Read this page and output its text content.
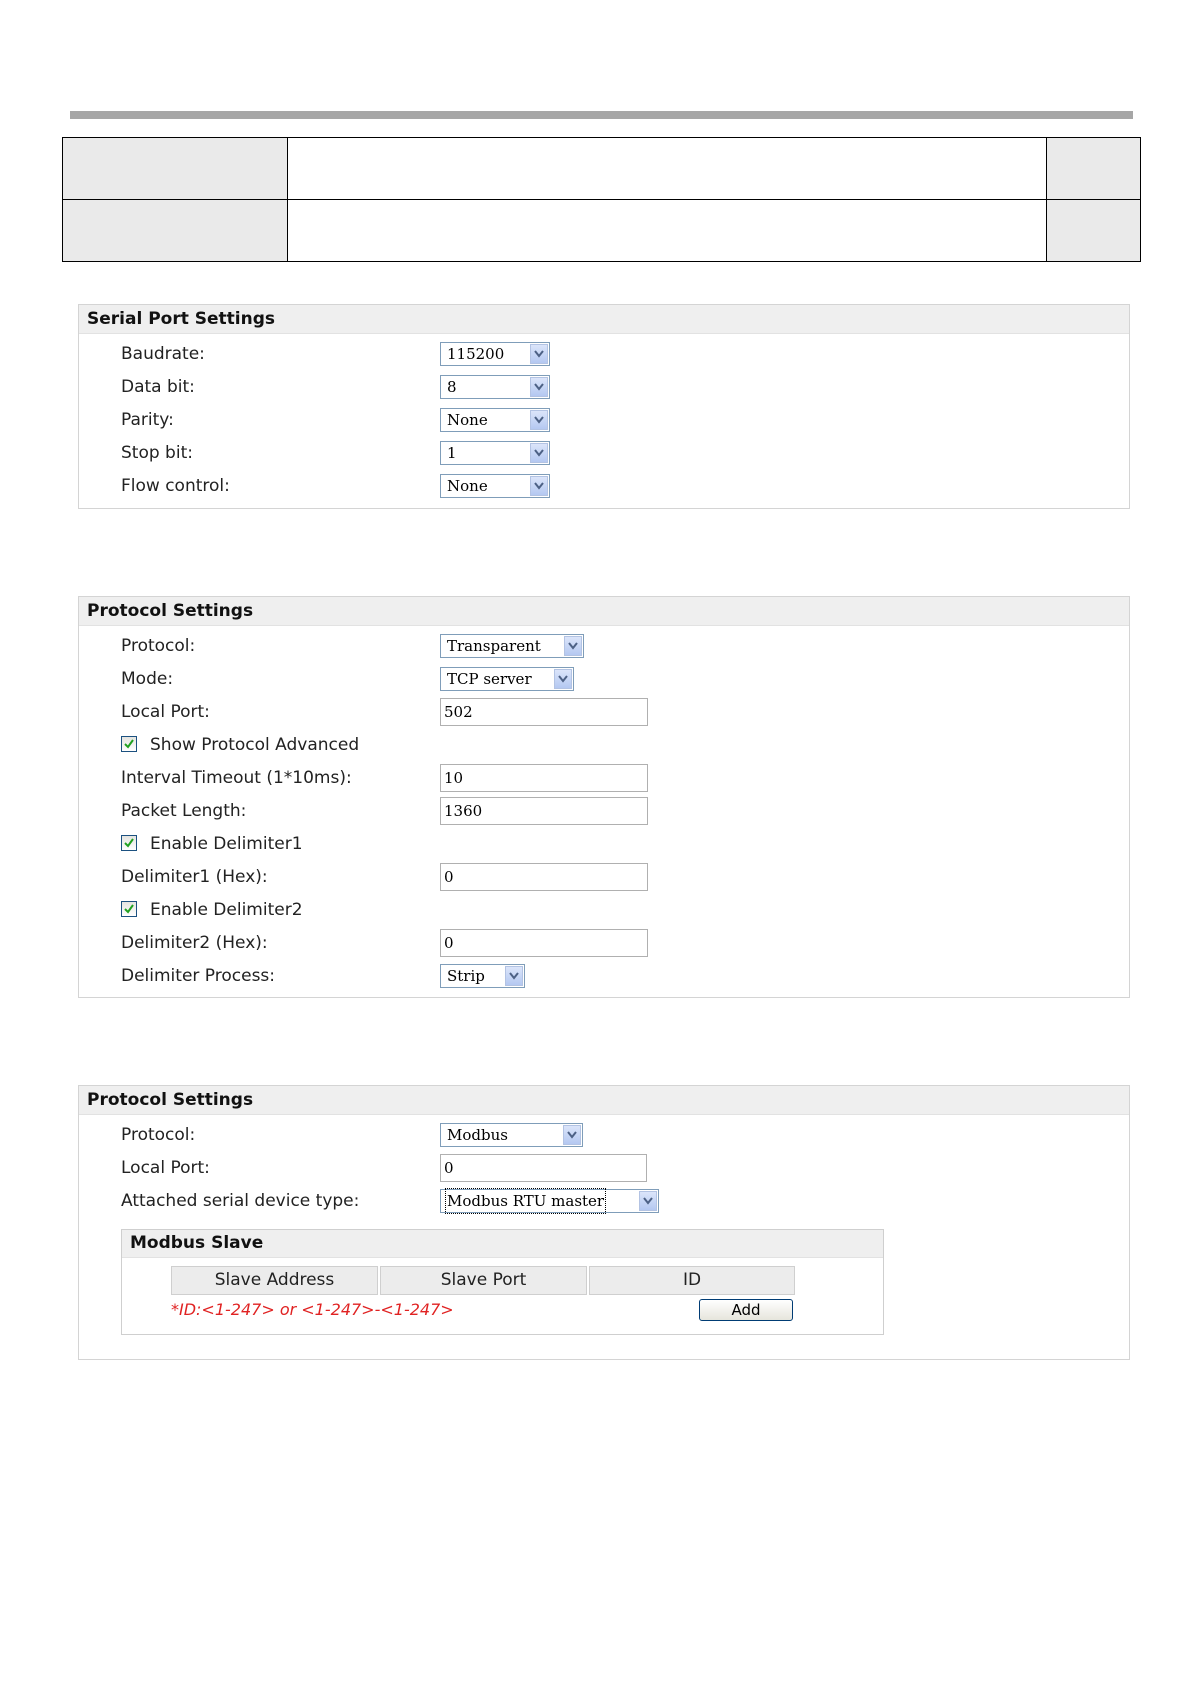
Serial Port Settings
Baudrate:	115200
Data bit:	8
Parity:	None
Stop bit:	1
Flow control:	None
Protocol Settings
Protocol:	Transparent
Mode:	TCP server
Local Port:	502
Show Protocol Advanced
Interval Timeout (1*10ms):	10
Packet Length:	1360
Enable Delimiter1
Delimiter1 (Hex):	0
Enable Delimiter2
Delimiter2 (Hex):	0
Delimiter Process:	Strip
Protocol Settings
Protocol:	Modbus
Local Port:	0
Attached serial device type:	Modbus RTU master
Modbus Slave
Slave Address	Slave Port	ID
*ID:<1-247> or <1-247>-<1-247>	Add
